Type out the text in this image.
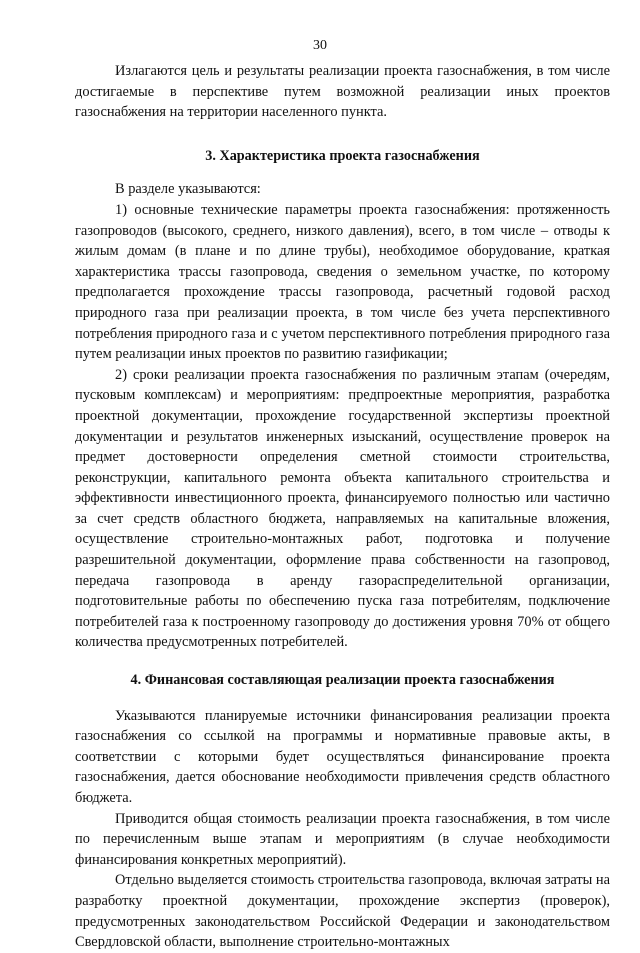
30

Излагаются цель и результаты реализации проекта газоснабжения, в том числе достигаемые в перспективе путем возможной реализации иных проектов газоснабжения на территории населенного пункта.

3. Характеристика проекта газоснабжения

В разделе указываются:

1) основные технические параметры проекта газоснабжения: протяженность газопроводов (высокого, среднего, низкого давления), всего, в том числе – отводы к жилым домам (в плане и по длине трубы), необходимое оборудование, краткая характеристика трассы газопровода, сведения о земельном участке, по которому предполагается прохождение трассы газопровода, расчетный годовой расход природного газа при реализации проекта, в том числе без учета перспективного потребления природного газа и с учетом перспективного потребления природного газа путем реализации иных проектов по развитию газификации;

2) сроки реализации проекта газоснабжения по различным этапам (очередям, пусковым комплексам) и мероприятиям: предпроектные мероприятия, разработка проектной документации, прохождение государственной экспертизы проектной документации и результатов инженерных изысканий, осуществление проверок на предмет достоверности определения сметной стоимости строительства, реконструкции, капитального ремонта объекта капитального строительства и эффективности инвестиционного проекта, финансируемого полностью или частично за счет средств областного бюджета, направляемых на капитальные вложения, осуществление строительно-монтажных работ, подготовка и получение разрешительной документации, оформление права собственности на газопровод, передача газопровода в аренду газораспределительной организации, подготовительные работы по обеспечению пуска газа потребителям, подключение потребителей газа к построенному газопроводу до достижения уровня 70% от общего количества предусмотренных потребителей.

4. Финансовая составляющая реализации проекта газоснабжения

Указываются планируемые источники финансирования реализации проекта газоснабжения со ссылкой на программы и нормативные правовые акты, в соответствии с которыми будет осуществляться финансирование проекта газоснабжения, дается обоснование необходимости привлечения средств областного бюджета.

Приводится общая стоимость реализации проекта газоснабжения, в том числе по перечисленным выше этапам и мероприятиям (в случае необходимости финансирования конкретных мероприятий).

Отдельно выделяется стоимость строительства газопровода, включая затраты на разработку проектной документации, прохождение экспертиз (проверок), предусмотренных законодательством Российской Федерации и законодательством Свердловской области, выполнение строительно-монтажных
